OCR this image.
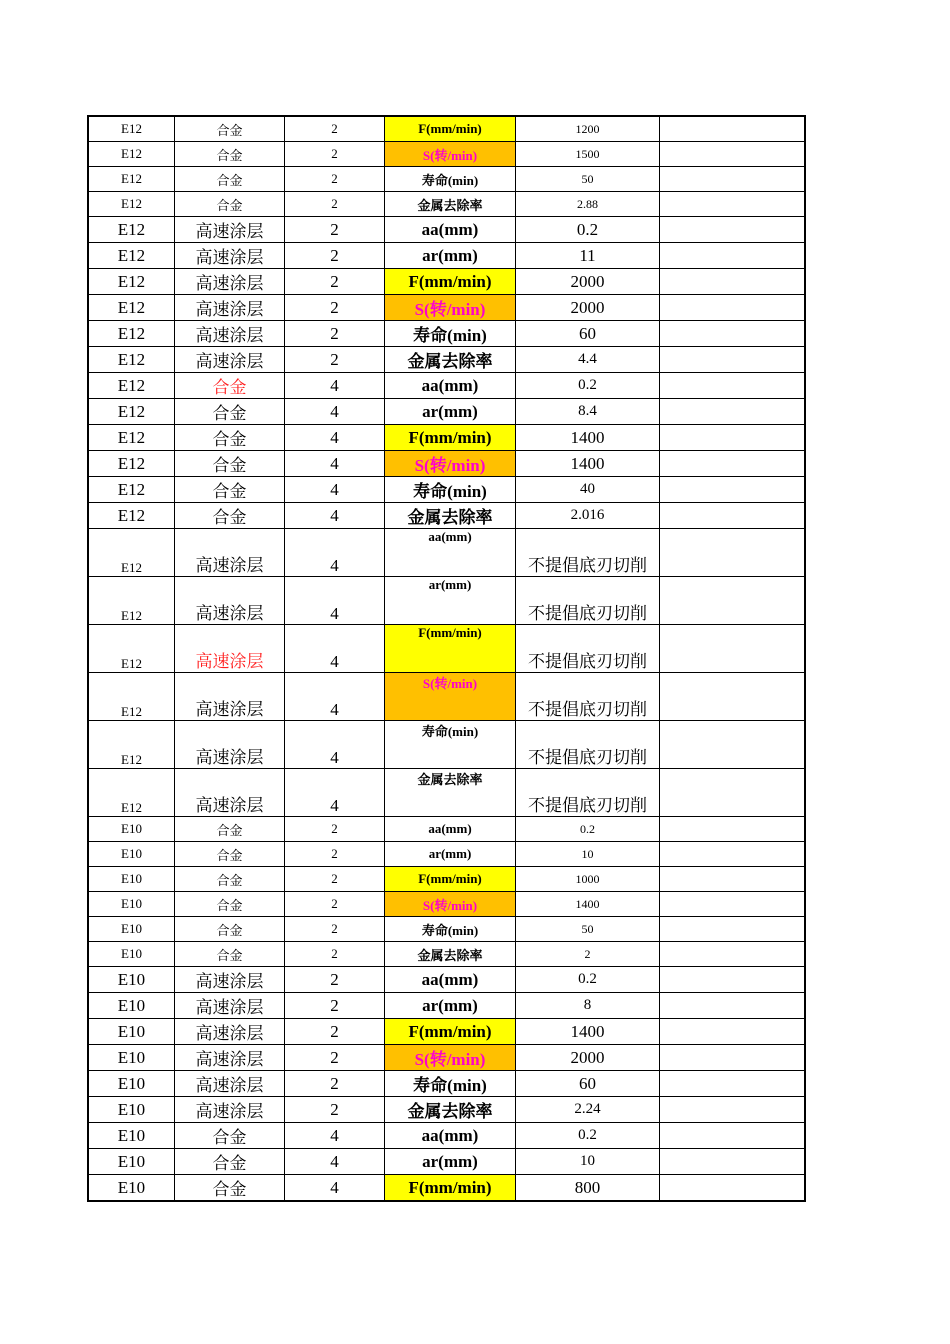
E12	合金	2	F(mm/min)	1200	
E12	合金	2	S(转/min)	1500	
E12	合金	2	寿命(min)	50	
E12	合金	2	金属去除率	2.88	
E12	高速涂层	2	aa(mm)	0.2	
E12	高速涂层	2	ar(mm)	11	
E12	高速涂层	2	F(mm/min)	2000	
E12	高速涂层	2	S(转/min)	2000	
E12	高速涂层	2	寿命(min)	60	
E12	高速涂层	2	金属去除率	4.4	
E12	合金	4	aa(mm)	0.2	
E12	合金	4	ar(mm)	8.4	
E12	合金	4	F(mm/min)	1400	
E12	合金	4	S(转/min)	1400	
E12	合金	4	寿命(min)	40	
E12	合金	4	金属去除率	2.016	
E12	高速涂层	4	aa(mm)	不提倡底刃切削	
E12	高速涂层	4	ar(mm)	不提倡底刃切削	
E12	高速涂层	4	F(mm/min)	不提倡底刃切削	
E12	高速涂层	4	S(转/min)	不提倡底刃切削	
E12	高速涂层	4	寿命(min)	不提倡底刃切削	
E12	高速涂层	4	金属去除率	不提倡底刃切削	
E10	合金	2	aa(mm)	0.2	
E10	合金	2	ar(mm)	10	
E10	合金	2	F(mm/min)	1000	
E10	合金	2	S(转/min)	1400	
E10	合金	2	寿命(min)	50	
E10	合金	2	金属去除率	2	
E10	高速涂层	2	aa(mm)	0.2	
E10	高速涂层	2	ar(mm)	8	
E10	高速涂层	2	F(mm/min)	1400	
E10	高速涂层	2	S(转/min)	2000	
E10	高速涂层	2	寿命(min)	60	
E10	高速涂层	2	金属去除率	2.24	
E10	合金	4	aa(mm)	0.2	
E10	合金	4	ar(mm)	10	
E10	合金	4	F(mm/min)	800	
